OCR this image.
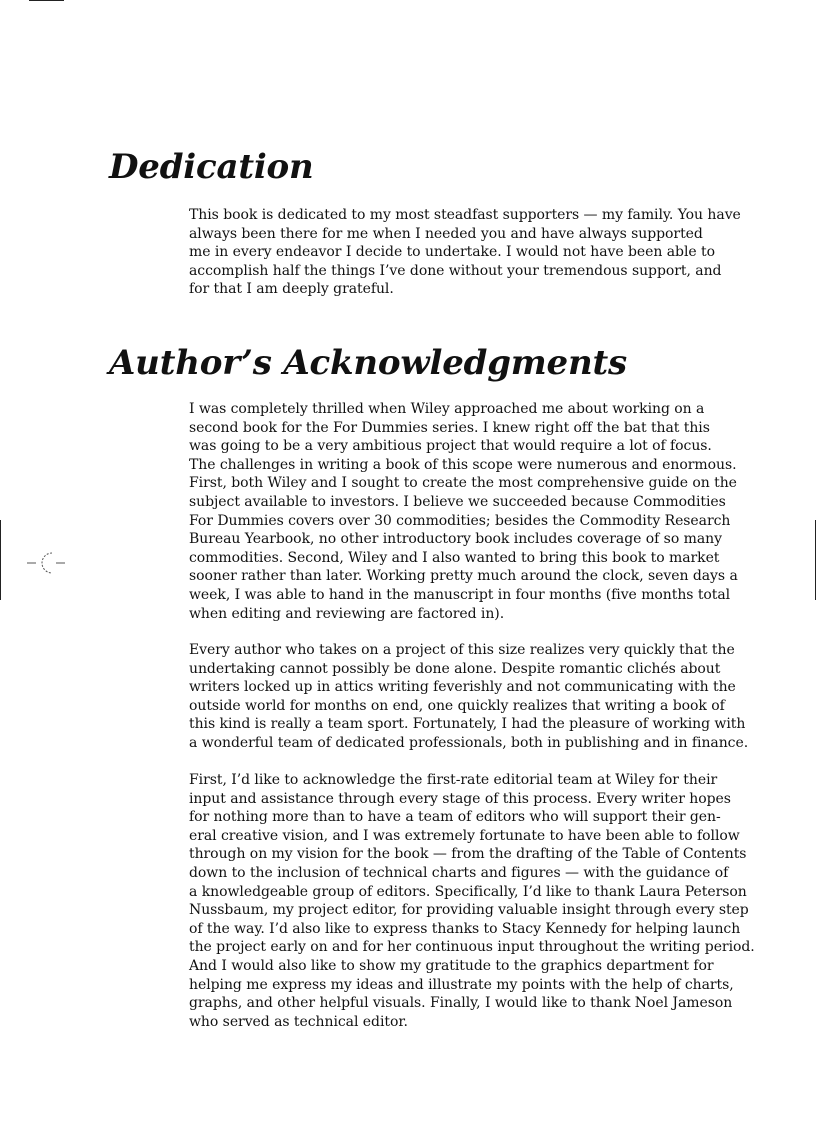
Dedication
This book is dedicated to my most steadfast supporters — my family. You have
always been there for me when I needed you and have always supported
me in every endeavor I decide to undertake. I would not have been able to
accomplish half the things I’ve done without your tremendous support, and
for that I am deeply grateful.
Author’s Acknowledgments
I was completely thrilled when Wiley approached me about working on a
second book for the For Dummies series. I knew right off the bat that this
was going to be a very ambitious project that would require a lot of focus.
The challenges in writing a book of this scope were numerous and enormous.
First, both Wiley and I sought to create the most comprehensive guide on the
subject available to investors. I believe we succeeded because Commodities
For Dummies covers over 30 commodities; besides the Commodity Research
Bureau Yearbook, no other introductory book includes coverage of so many
commodities. Second, Wiley and I also wanted to bring this book to market
sooner rather than later. Working pretty much around the clock, seven days a
week, I was able to hand in the manuscript in four months (five months total
when editing and reviewing are factored in).
Every author who takes on a project of this size realizes very quickly that the
undertaking cannot possibly be done alone. Despite romantic clichés about
writers locked up in attics writing feverishly and not communicating with the
outside world for months on end, one quickly realizes that writing a book of
this kind is really a team sport. Fortunately, I had the pleasure of working with
a wonderful team of dedicated professionals, both in publishing and in finance.
First, I’d like to acknowledge the first-rate editorial team at Wiley for their
input and assistance through every stage of this process. Every writer hopes
for nothing more than to have a team of editors who will support their gen-
eral creative vision, and I was extremely fortunate to have been able to follow
through on my vision for the book — from the drafting of the Table of Contents
down to the inclusion of technical charts and figures — with the guidance of
a knowledgeable group of editors. Specifically, I’d like to thank Laura Peterson
Nussbaum, my project editor, for providing valuable insight through every step
of the way. I’d also like to express thanks to Stacy Kennedy for helping launch
the project early on and for her continuous input throughout the writing period.
And I would also like to show my gratitude to the graphics department for
helping me express my ideas and illustrate my points with the help of charts,
graphs, and other helpful visuals. Finally, I would like to thank Noel Jameson
who served as technical editor.
